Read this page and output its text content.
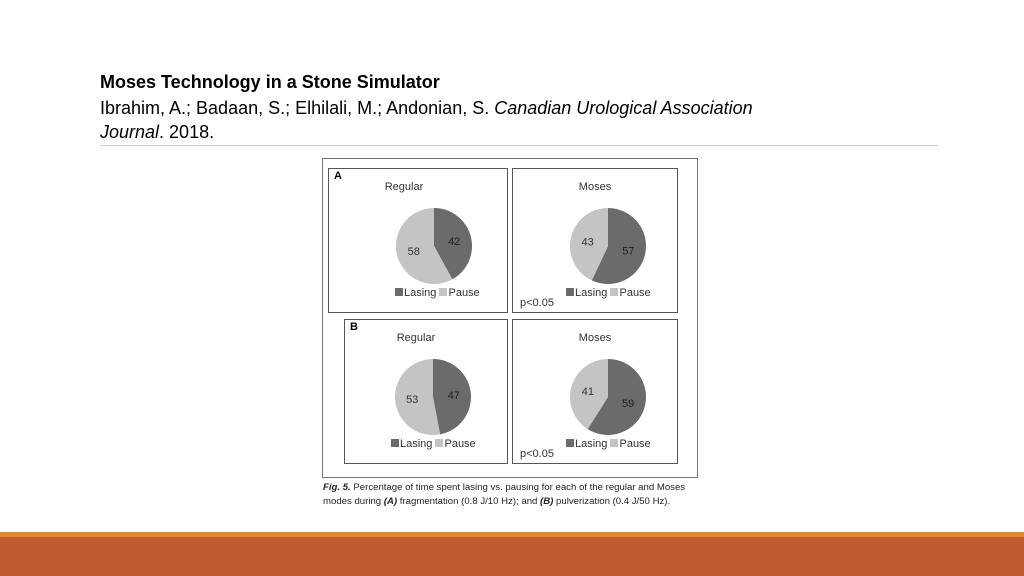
Moses Technology in a Stone Simulator
Ibrahim, A.; Badaan, S.; Elhilali, M.; Andonian, S. Canadian Urological Association Journal. 2018.
A
Regular
42
58
Lasing Pause
Moses
57
43
Lasing Pause
p<0.05
B
Regular
47
53
Lasing Pause
Moses
59
41
Lasing Pause
p<0.05
Fig. 5. Percentage of time spent lasing vs. pausing for each of the regular and Moses modes during (A) fragmentation (0.8 J/10 Hz); and (B) pulverization (0.4 J/50 Hz).
